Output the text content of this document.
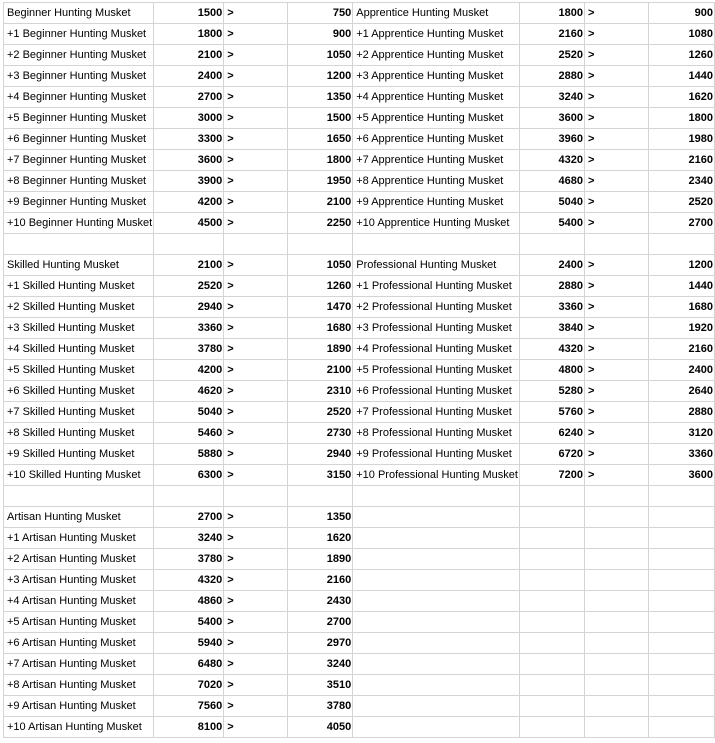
Beginner Hunting Musket	1500	>	750	Apprentice Hunting Musket	1800	>	900
+1 Beginner Hunting Musket	1800	>	900	+1 Apprentice Hunting Musket	2160	>	1080
+2 Beginner Hunting Musket	2100	>	1050	+2 Apprentice Hunting Musket	2520	>	1260
+3 Beginner Hunting Musket	2400	>	1200	+3 Apprentice Hunting Musket	2880	>	1440
+4 Beginner Hunting Musket	2700	>	1350	+4 Apprentice Hunting Musket	3240	>	1620
+5 Beginner Hunting Musket	3000	>	1500	+5 Apprentice Hunting Musket	3600	>	1800
+6 Beginner Hunting Musket	3300	>	1650	+6 Apprentice Hunting Musket	3960	>	1980
+7 Beginner Hunting Musket	3600	>	1800	+7 Apprentice Hunting Musket	4320	>	2160
+8 Beginner Hunting Musket	3900	>	1950	+8 Apprentice Hunting Musket	4680	>	2340
+9 Beginner Hunting Musket	4200	>	2100	+9 Apprentice Hunting Musket	5040	>	2520
+10 Beginner Hunting Musket	4500	>	2250	+10 Apprentice Hunting Musket	5400	>	2700

Skilled Hunting Musket	2100	>	1050	Professional Hunting Musket	2400	>	1200
+1 Skilled Hunting Musket	2520	>	1260	+1 Professional Hunting Musket	2880	>	1440
+2 Skilled Hunting Musket	2940	>	1470	+2 Professional Hunting Musket	3360	>	1680
+3 Skilled Hunting Musket	3360	>	1680	+3 Professional Hunting Musket	3840	>	1920
+4 Skilled Hunting Musket	3780	>	1890	+4 Professional Hunting Musket	4320	>	2160
+5 Skilled Hunting Musket	4200	>	2100	+5 Professional Hunting Musket	4800	>	2400
+6 Skilled Hunting Musket	4620	>	2310	+6 Professional Hunting Musket	5280	>	2640
+7 Skilled Hunting Musket	5040	>	2520	+7 Professional Hunting Musket	5760	>	2880
+8 Skilled Hunting Musket	5460	>	2730	+8 Professional Hunting Musket	6240	>	3120
+9 Skilled Hunting Musket	5880	>	2940	+9 Professional Hunting Musket	6720	>	3360
+10 Skilled Hunting Musket	6300	>	3150	+10 Professional Hunting Musket	7200	>	3600

Artisan Hunting Musket	2700	>	1350				
+1 Artisan Hunting Musket	3240	>	1620				
+2 Artisan Hunting Musket	3780	>	1890				
+3 Artisan Hunting Musket	4320	>	2160				
+4 Artisan Hunting Musket	4860	>	2430				
+5 Artisan Hunting Musket	5400	>	2700				
+6 Artisan Hunting Musket	5940	>	2970				
+7 Artisan Hunting Musket	6480	>	3240				
+8 Artisan Hunting Musket	7020	>	3510				
+9 Artisan Hunting Musket	7560	>	3780				
+10 Artisan Hunting Musket	8100	>	4050				
